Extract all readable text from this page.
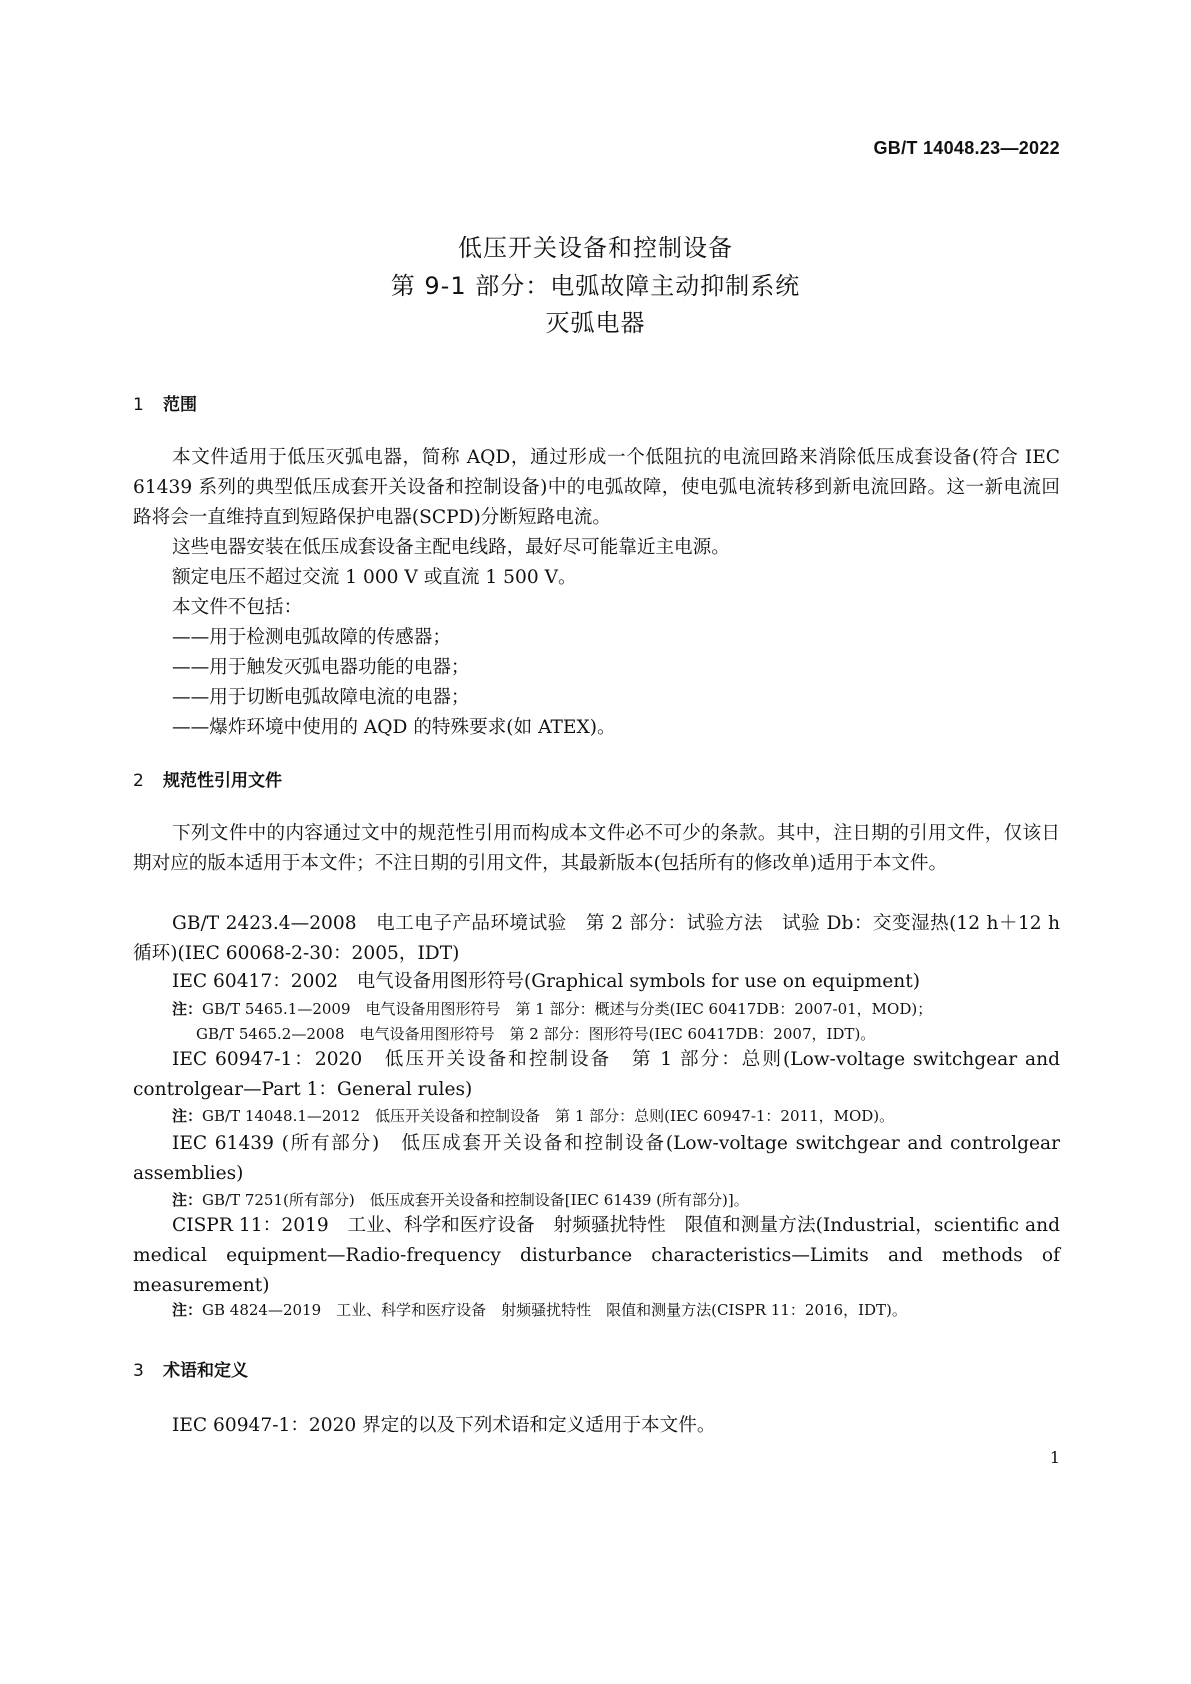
GB/T 14048.23—2022
低压开关设备和控制设备
第 9-1 部分：电弧故障主动抑制系统
灭弧电器
1 范围
本文件适用于低压灭弧电器，简称 AQD，通过形成一个低阻抗的电流回路来消除低压成套设备(符合 IEC 61439 系列的典型低压成套开关设备和控制设备)中的电弧故障，使电弧电流转移到新电流回路。这一新电流回路将会一直维持直到短路保护电器(SCPD)分断短路电流。
这些电器安装在低压成套设备主配电线路，最好尽可能靠近主电源。
额定电压不超过交流 1 000 V 或直流 1 500 V。
本文件不包括：
——用于检测电弧故障的传感器；
——用于触发灭弧电器功能的电器；
——用于切断电弧故障电流的电器；
——爆炸环境中使用的 AQD 的特殊要求(如 ATEX)。
2 规范性引用文件
下列文件中的内容通过文中的规范性引用而构成本文件必不可少的条款。其中，注日期的引用文件，仅该日期对应的版本适用于本文件；不注日期的引用文件，其最新版本(包括所有的修改单)适用于本文件。
GB/T 2423.4—2008　电工电子产品环境试验　第 2 部分：试验方法　试验 Db：交变湿热(12 h＋12 h 循环)(IEC 60068-2-30：2005，IDT)
IEC 60417：2002　电气设备用图形符号(Graphical symbols for use on equipment)
注：GB/T 5465.1—2009　电气设备用图形符号　第 1 部分：概述与分类(IEC 60417DB：2007-01，MOD)；
GB/T 5465.2—2008　电气设备用图形符号　第 2 部分：图形符号(IEC 60417DB：2007，IDT)。
IEC 60947-1：2020　低压开关设备和控制设备　第 1 部分：总则(Low-voltage switchgear and controlgear—Part 1：General rules)
注：GB/T 14048.1—2012　低压开关设备和控制设备　第 1 部分：总则(IEC 60947-1：2011，MOD)。
IEC 61439 (所有部分)　低压成套开关设备和控制设备(Low-voltage switchgear and controlgear assemblies)
注：GB/T 7251(所有部分)　低压成套开关设备和控制设备[IEC 61439 (所有部分)]。
CISPR 11：2019　工业、科学和医疗设备　射频骚扰特性　限值和测量方法(Industrial，scientific and medical equipment—Radio-frequency disturbance characteristics—Limits and methods of measurement)
注：GB 4824—2019　工业、科学和医疗设备　射频骚扰特性　限值和测量方法(CISPR 11：2016，IDT)。
3 术语和定义
IEC 60947-1：2020 界定的以及下列术语和定义适用于本文件。
1
